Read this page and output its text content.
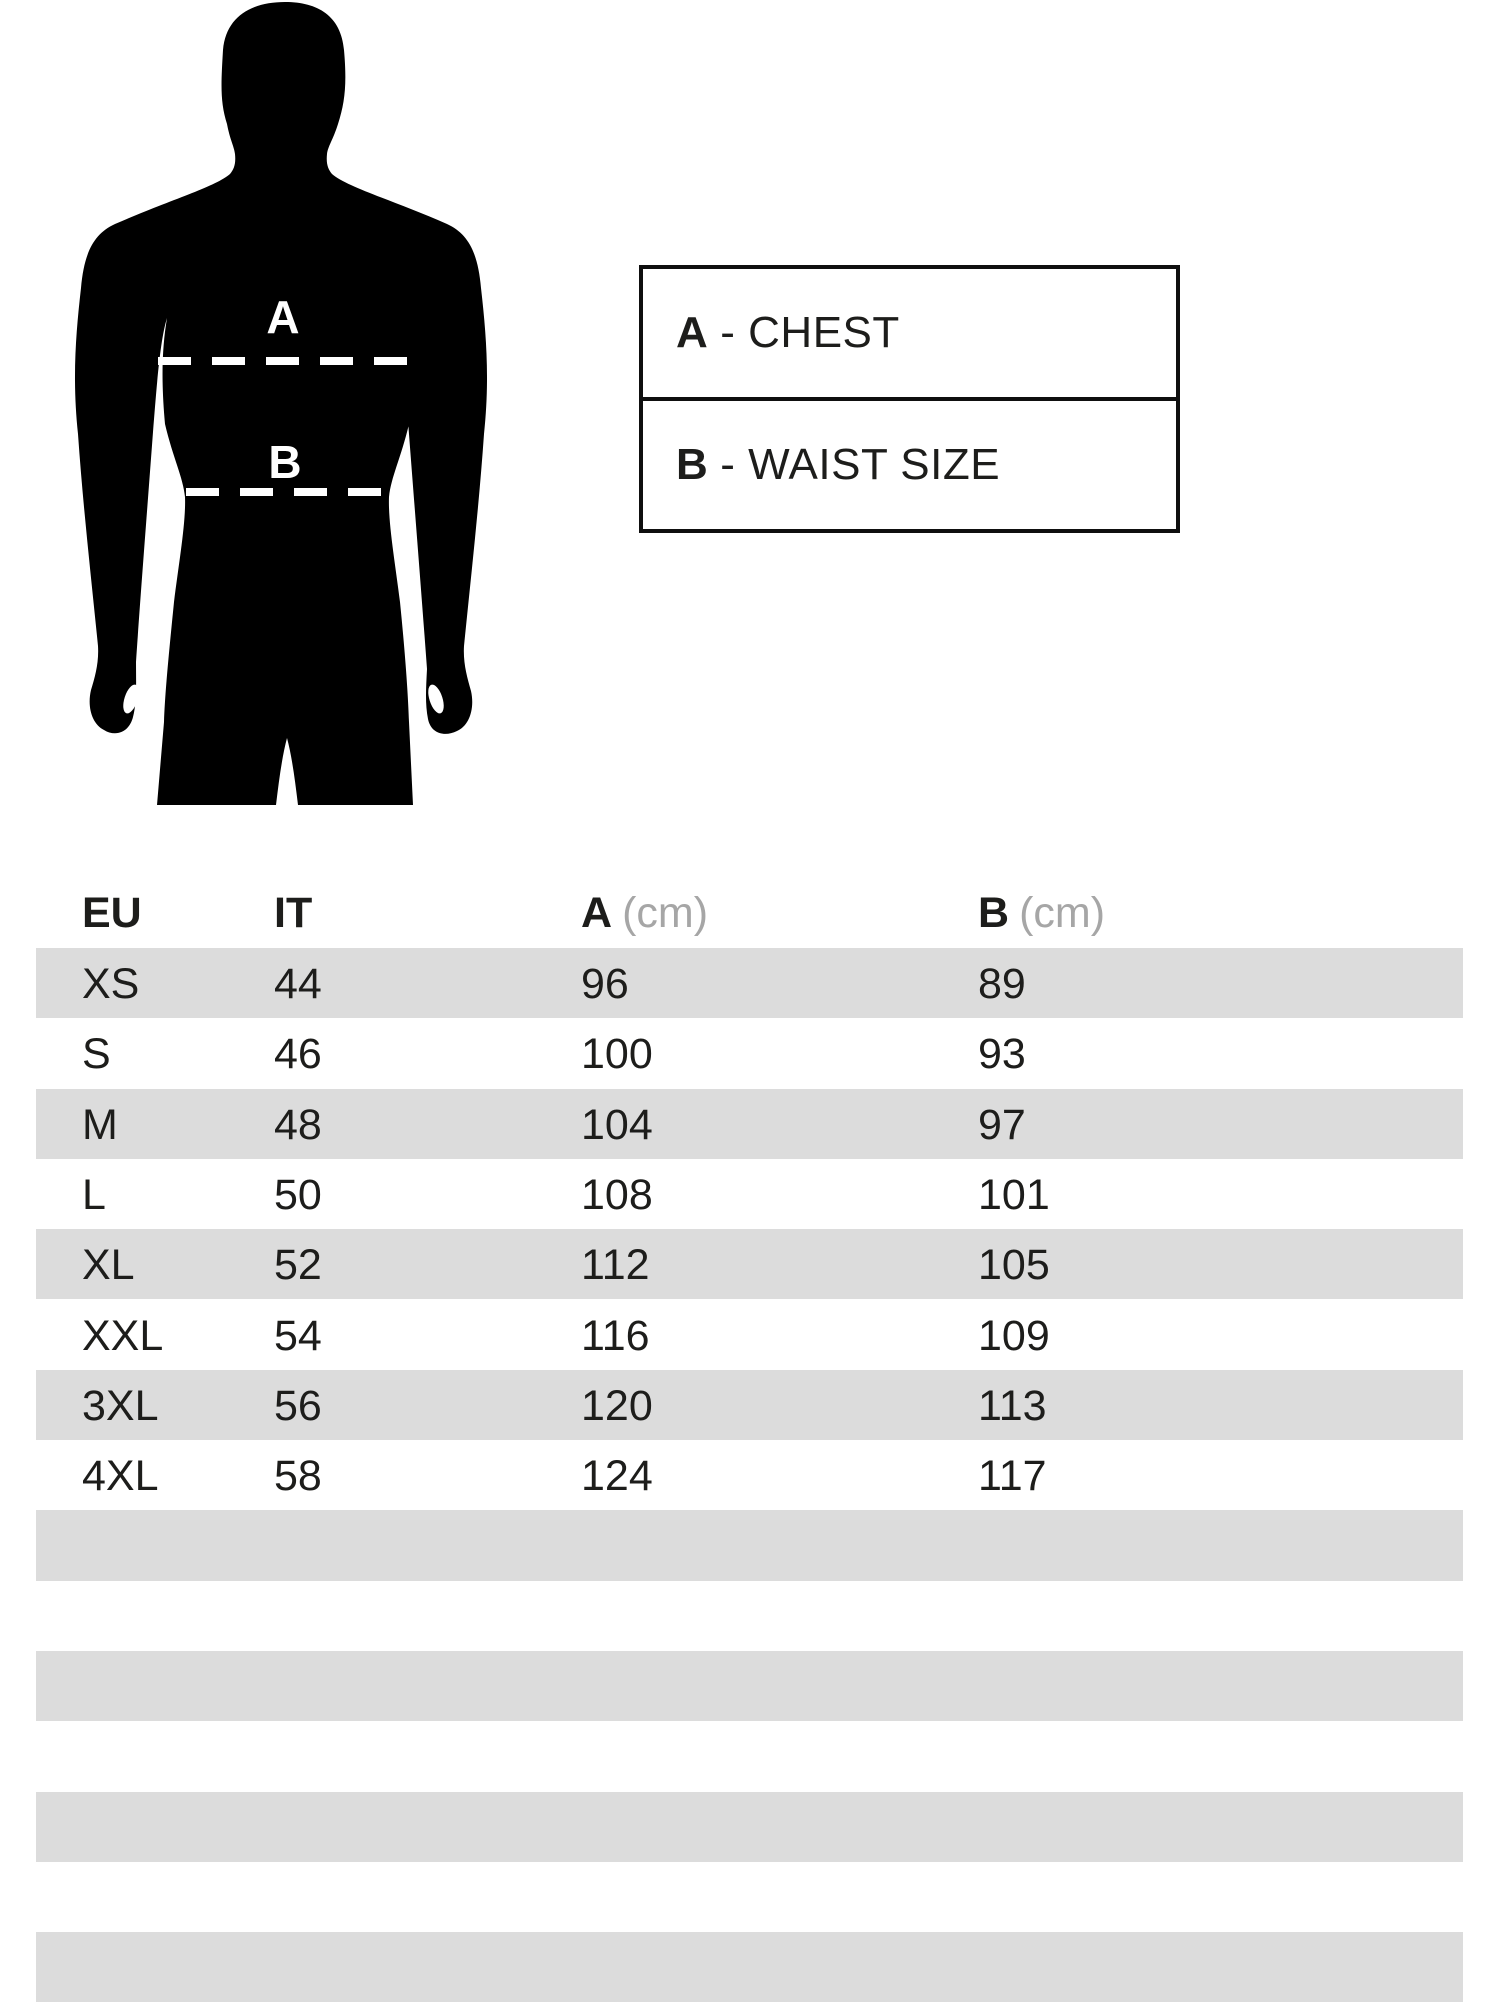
A
B
A - CHEST
B - WAIST SIZE
EU	IT	A (cm)	B (cm)
XS	44	96	89
S	46	100	93
M	48	104	97
L	50	108	101
XL	52	112	105
XXL	54	116	109
3XL	56	120	113
4XL	58	124	117
